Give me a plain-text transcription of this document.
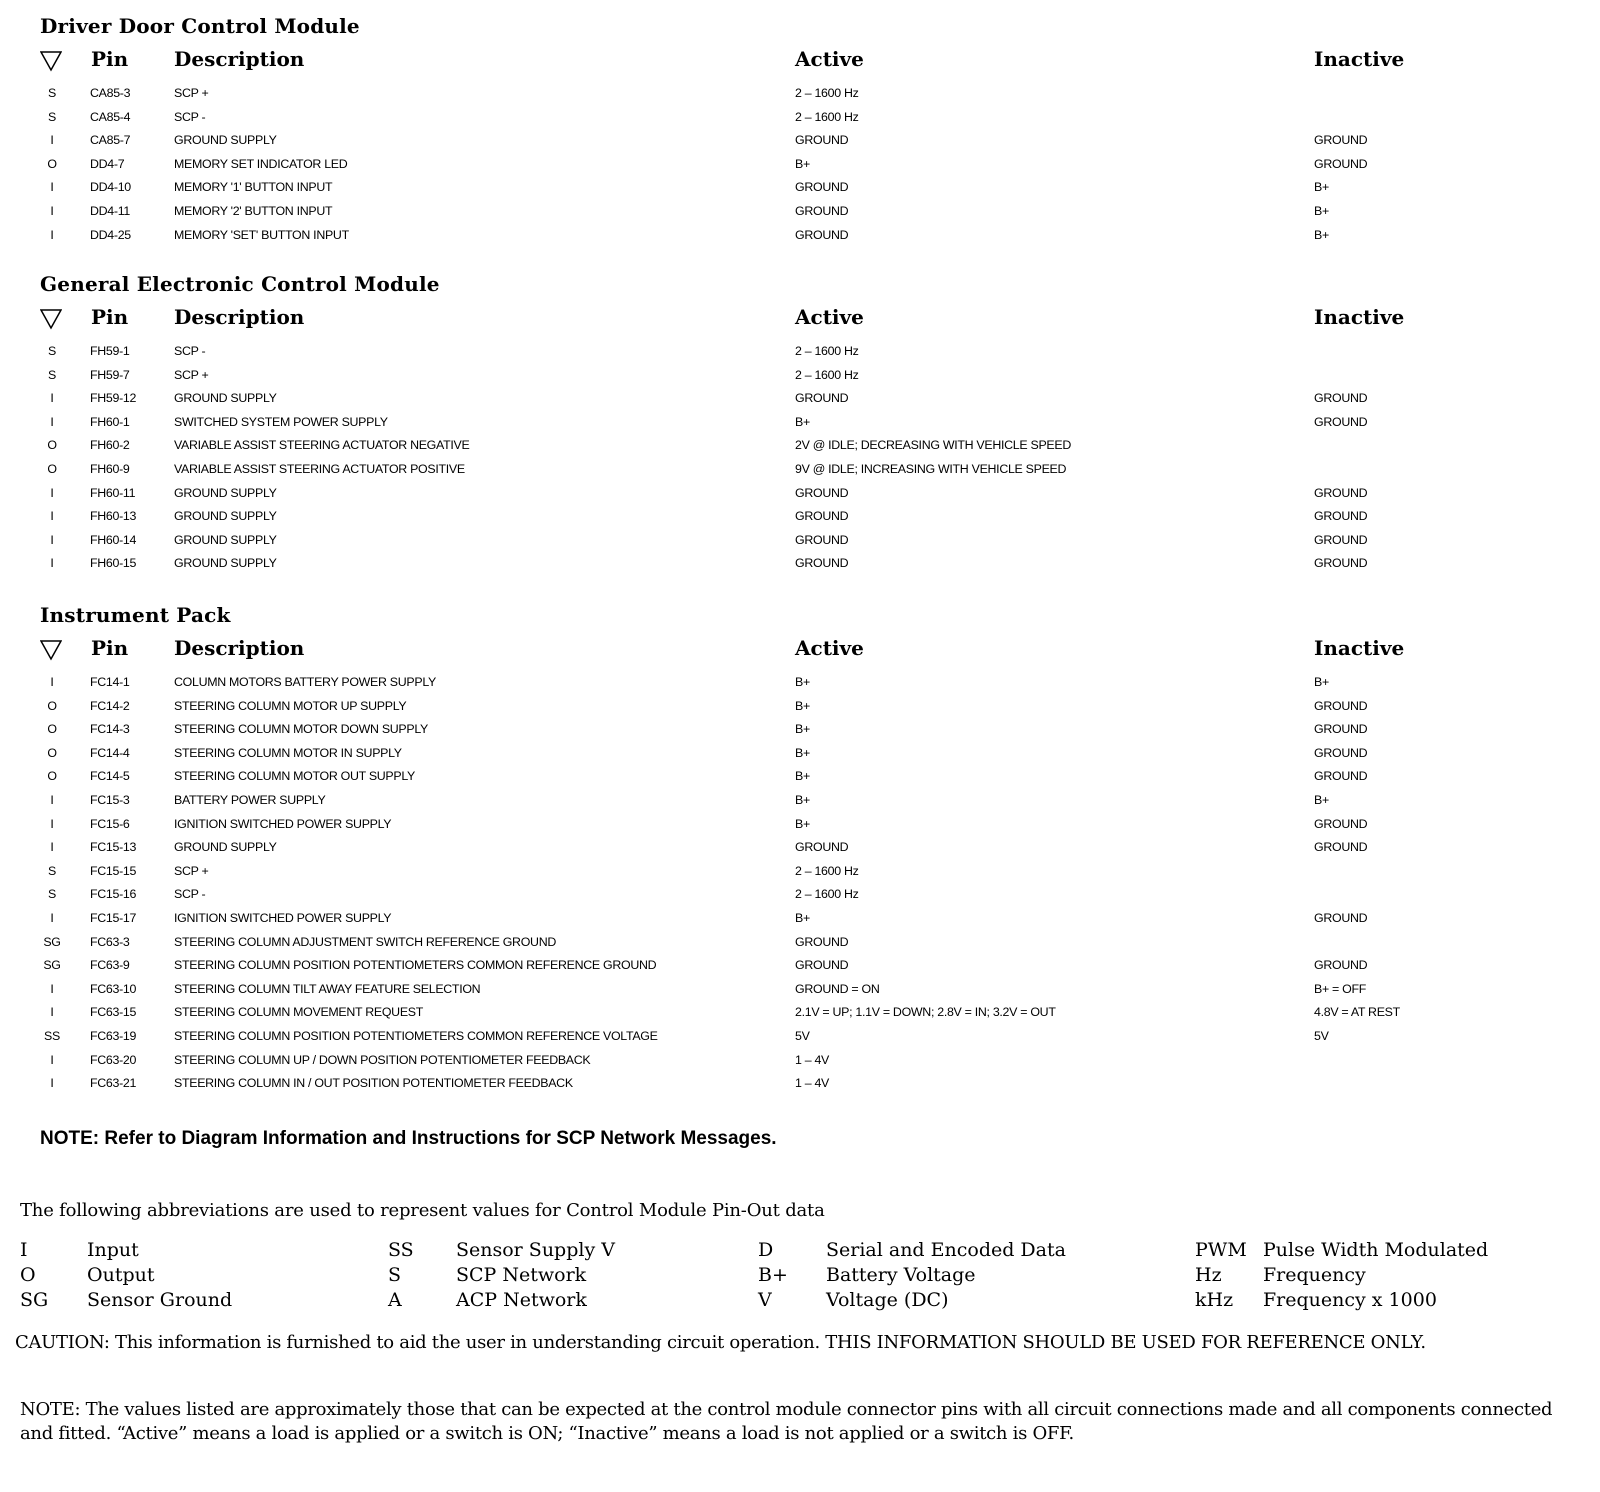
Driver Door Control Module
Pin Description	Active	Inactive
S	CA85-3	SCP +	2 – 1600 Hz
S	CA85-4	SCP -	2 – 1600 Hz
I	CA85-7	GROUND SUPPLY	GROUND	GROUND
O	DD4-7	MEMORY SET INDICATOR LED	B+	GROUND
I	DD4-10	MEMORY '1' BUTTON INPUT	GROUND	B+
I	DD4-11	MEMORY '2' BUTTON INPUT	GROUND	B+
I	DD4-25	MEMORY 'SET' BUTTON INPUT	GROUND	B+
General Electronic Control Module
Pin Description	Active	Inactive
S	FH59-1	SCP -	2 – 1600 Hz
S	FH59-7	SCP +	2 – 1600 Hz
I	FH59-12	GROUND SUPPLY	GROUND	GROUND
I	FH60-1	SWITCHED SYSTEM POWER SUPPLY	B+	GROUND
O	FH60-2	VARIABLE ASSIST STEERING ACTUATOR NEGATIVE	2V @ IDLE; DECREASING WITH VEHICLE SPEED
O	FH60-9	VARIABLE ASSIST STEERING ACTUATOR POSITIVE	9V @ IDLE; INCREASING WITH VEHICLE SPEED
I	FH60-11	GROUND SUPPLY	GROUND	GROUND
I	FH60-13	GROUND SUPPLY	GROUND	GROUND
I	FH60-14	GROUND SUPPLY	GROUND	GROUND
I	FH60-15	GROUND SUPPLY	GROUND	GROUND
Instrument Pack
Pin Description	Active	Inactive
I	FC14-1	COLUMN MOTORS BATTERY POWER SUPPLY	B+	B+
O	FC14-2	STEERING COLUMN MOTOR UP SUPPLY	B+	GROUND
O	FC14-3	STEERING COLUMN MOTOR DOWN SUPPLY	B+	GROUND
O	FC14-4	STEERING COLUMN MOTOR IN SUPPLY	B+	GROUND
O	FC14-5	STEERING COLUMN MOTOR OUT SUPPLY	B+	GROUND
I	FC15-3	BATTERY POWER SUPPLY	B+	B+
I	FC15-6	IGNITION SWITCHED POWER SUPPLY	B+	GROUND
I	FC15-13	GROUND SUPPLY	GROUND	GROUND
S	FC15-15	SCP +	2 – 1600 Hz
S	FC15-16	SCP -	2 – 1600 Hz
I	FC15-17	IGNITION SWITCHED POWER SUPPLY	B+	GROUND
SG FC63-3	STEERING COLUMN ADJUSTMENT SWITCH REFERENCE GROUND	GROUND
SG FC63-9	STEERING COLUMN POSITION POTENTIOMETERS COMMON REFERENCE GROUND	GROUND	GROUND
I	FC63-10	STEERING COLUMN TILT AWAY FEATURE SELECTION	GROUND = ON	B+ = OFF
I	FC63-15	STEERING COLUMN MOVEMENT REQUEST	2.1V = UP; 1.1V = DOWN; 2.8V = IN; 3.2V = OUT	4.8V = AT REST
SS FC63-19	STEERING COLUMN POSITION POTENTIOMETERS COMMON REFERENCE VOLTAGE	5V	5V
I	FC63-20	STEERING COLUMN UP / DOWN POSITION POTENTIOMETER FEEDBACK	1 – 4V
I	FC63-21	STEERING COLUMN IN / OUT POSITION POTENTIOMETER FEEDBACK	1 – 4V
NOTE: Refer to Diagram Information and Instructions for SCP Network Messages.
The following abbreviations are used to represent values for Control Module Pin-Out data
I	Input	SS Sensor Supply V	D	Serial and Encoded Data	PWM Pulse Width Modulated
O	Output	S	SCP Network	B+ Battery Voltage	Hz Frequency
SG Sensor Ground	A	ACP Network	V	Voltage (DC)	kHz Frequency x 1000
CAUTION: This information is furnished to aid the user in understanding circuit operation. THIS INFORMATION SHOULD BE USED FOR REFERENCE ONLY.
NOTE: The values listed are approximately those that can be expected at the control module connector pins with all circuit connections made and all components connected and fitted. “Active” means a load is applied or a switch is ON; “Inactive” means a load is not applied or a switch is OFF.
